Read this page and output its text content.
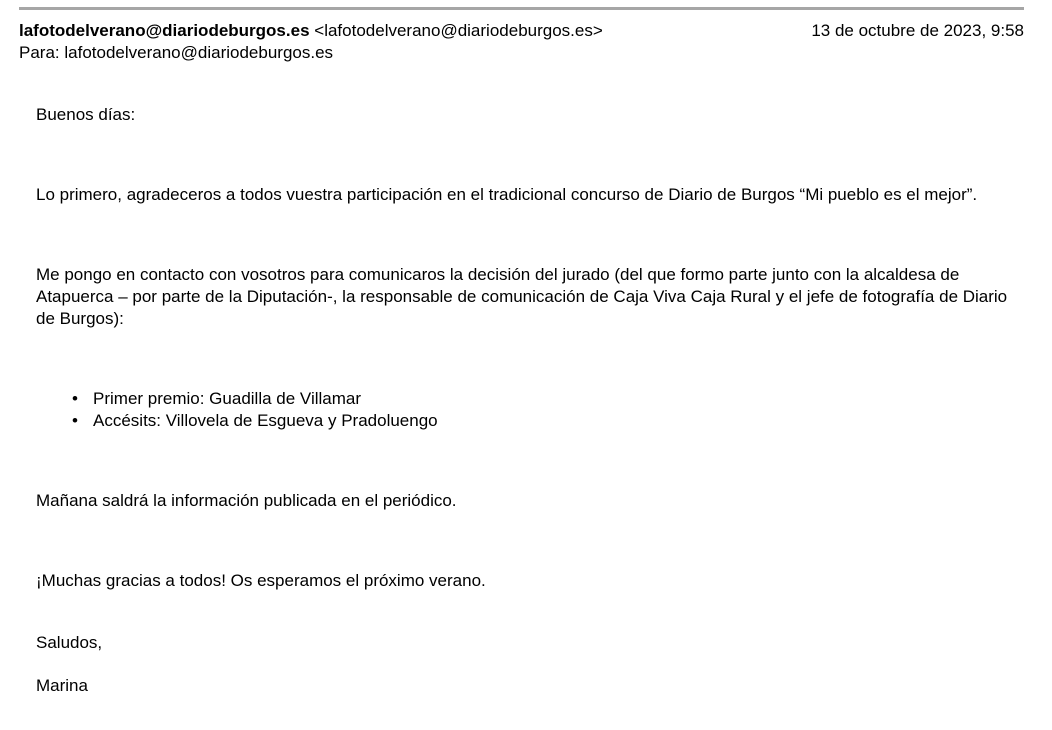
lafotodelverano@diariodeburgos.es <lafotodelverano@diariodeburgos.es>	13 de octubre de 2023, 9:58
Para: lafotodelverano@diariodeburgos.es

Buenos días:

Lo primero, agradeceros a todos vuestra participación en el tradicional concurso de Diario de Burgos “Mi pueblo es el mejor”.

Me pongo en contacto con vosotros para comunicaros la decisión del jurado (del que formo parte junto con la alcaldesa de Atapuerca – por parte de la Diputación-, la responsable de comunicación de Caja Viva Caja Rural y el jefe de fotografía de Diario de Burgos):

• Primer premio: Guadilla de Villamar
• Accésits: Villovela de Esgueva y Pradoluengo

Mañana saldrá la información publicada en el periódico.

¡Muchas gracias a todos! Os esperamos el próximo verano.

Saludos,

Marina
